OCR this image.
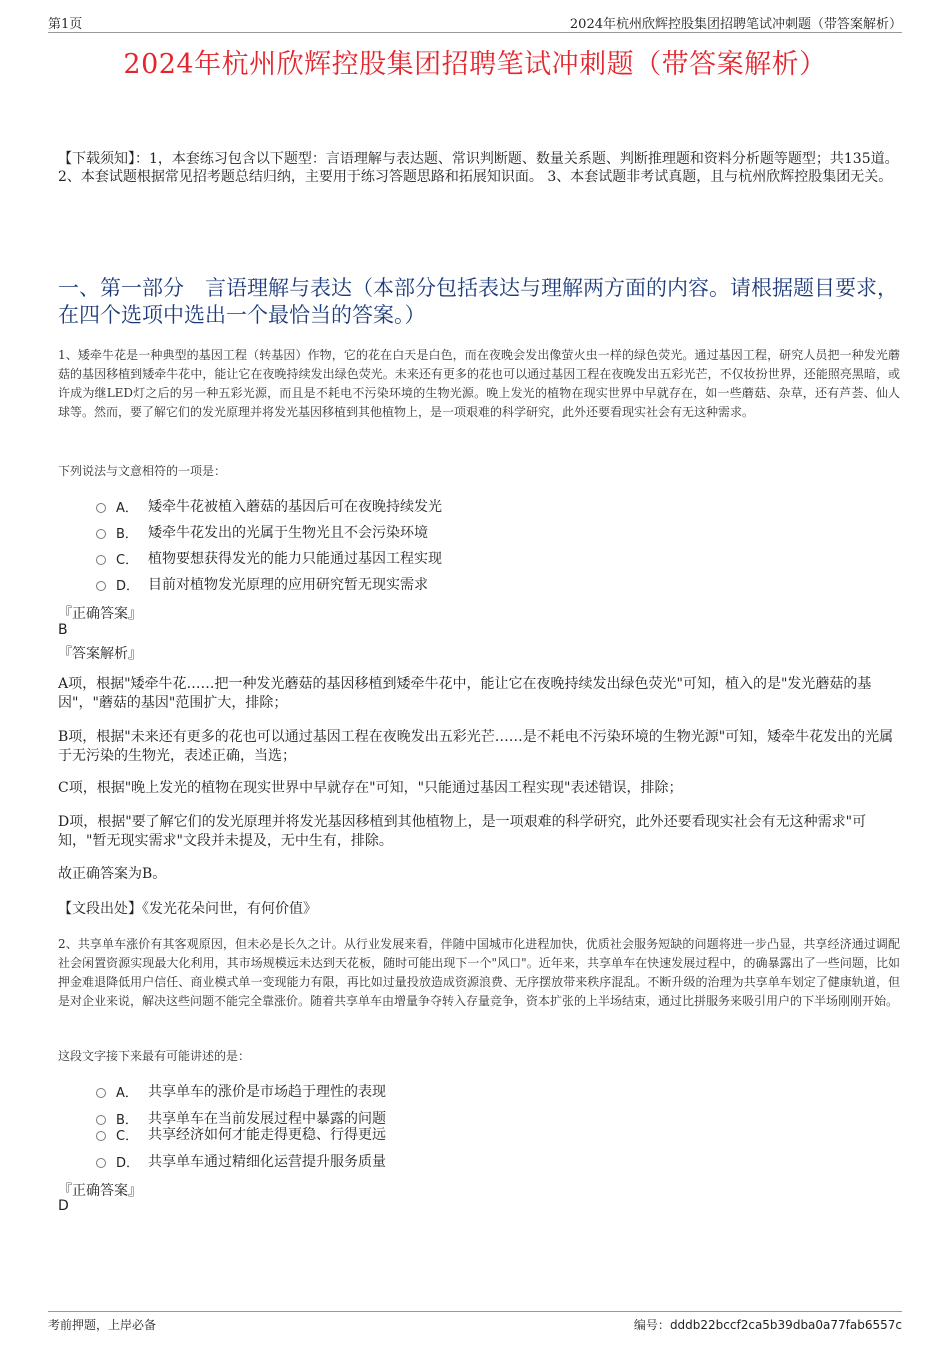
第1页	2024年杭州欣辉控股集团招聘笔试冲刺题（带答案解析）
2024年杭州欣辉控股集团招聘笔试冲刺题（带答案解析）
【下载须知】：1，本套练习包含以下题型：言语理解与表达题、常识判断题、数量关系题、判断推理题和资料分析题等题型；共135道。 2、本套试题根据常见招考题总结归纳，主要用于练习答题思路和拓展知识面。 3、本套试题非考试真题，且与杭州欣辉控股集团无关。
一、第一部分　言语理解与表达（本部分包括表达与理解两方面的内容。请根据题目要求，在四个选项中选出一个最恰当的答案。）
1、矮牵牛花是一种典型的基因工程（转基因）作物，它的花在白天是白色，而在夜晚会发出像萤火虫一样的绿色荧光。通过基因工程，研究人员把一种发光蘑菇的基因移植到矮牵牛花中，能让它在夜晚持续发出绿色荧光。未来还有更多的花也可以通过基因工程在夜晚发出五彩光芒，不仅妆扮世界，还能照亮黑暗，或许成为继LED灯之后的另一种五彩光源，而且是不耗电不污染环境的生物光源。晚上发光的植物在现实世界中早就存在，如一些蘑菇、杂草，还有芦荟、仙人球等。然而，要了解它们的发光原理并将发光基因移植到其他植物上，是一项艰难的科学研究，此外还要看现实社会有无这种需求。
下列说法与文意相符的一项是：
A． 矮牵牛花被植入蘑菇的基因后可在夜晚持续发光
B． 矮牵牛花发出的光属于生物光且不会污染环境
C． 植物要想获得发光的能力只能通过基因工程实现
D． 目前对植物发光原理的应用研究暂无现实需求
『正确答案』
B
『答案解析』
A项，根据"矮牵牛花……把一种发光蘑菇的基因移植到矮牵牛花中，能让它在夜晚持续发出绿色荧光"可知，植入的是"发光蘑菇的基因"，"蘑菇的基因"范围扩大，排除；
B项，根据"未来还有更多的花也可以通过基因工程在夜晚发出五彩光芒……是不耗电不污染环境的生物光源"可知，矮牵牛花发出的光属于无污染的生物光，表述正确，当选；
C项，根据"晚上发光的植物在现实世界中早就存在"可知，"只能通过基因工程实现"表述错误，排除；
D项，根据"要了解它们的发光原理并将发光基因移植到其他植物上，是一项艰难的科学研究，此外还要看现实社会有无这种需求"可知，"暂无现实需求"文段并未提及，无中生有，排除。
故正确答案为B。
【文段出处】《发光花朵问世，有何价值》
2、共享单车涨价有其客观原因，但未必是长久之计。从行业发展来看，伴随中国城市化进程加快，优质社会服务短缺的问题将进一步凸显，共享经济通过调配社会闲置资源实现最大化利用，其市场规模远未达到天花板，随时可能出现下一个"风口"。近年来，共享单车在快速发展过程中，的确暴露出了一些问题，比如押金难退降低用户信任、商业模式单一变现能力有限，再比如过量投放造成资源浪费、无序摆放带来秩序混乱。不断升级的治理为共享单车划定了健康轨道，但是对企业来说，解决这些问题不能完全靠涨价。随着共享单车由增量争夺转入存量竞争，资本扩张的上半场结束，通过比拼服务来吸引用户的下半场刚刚开始。
这段文字接下来最有可能讲述的是：
A． 共享单车的涨价是市场趋于理性的表现
B． 共享单车在当前发展过程中暴露的问题
C． 共享经济如何才能走得更稳、行得更远
D． 共享单车通过精细化运营提升服务质量
『正确答案』
D
考前押题，上岸必备	编号：dddb22bccf2ca5b39dba0a77fab6557c
